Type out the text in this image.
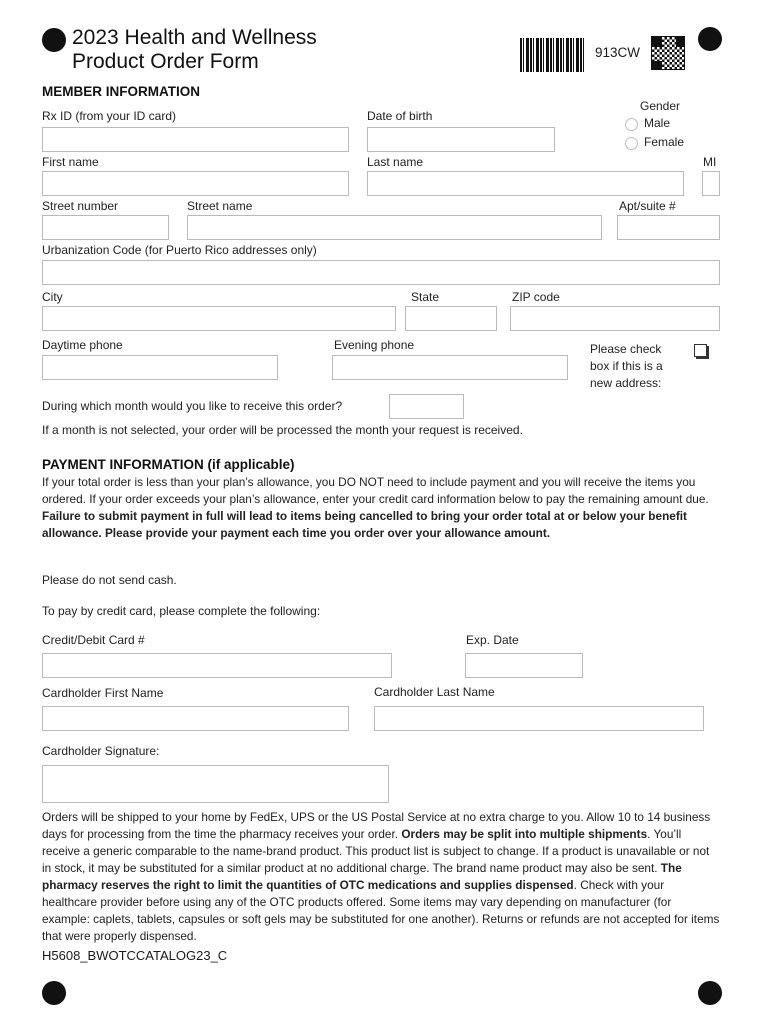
2023 Health and Wellness
Product Order Form	913CW
MEMBER INFORMATION
Rx ID (from your ID card)	Date of birth
Gender
Male
Female
First name	Last name	MI
Street number	Street name	Apt/suite #
Urbanization Code (for Puerto Rico addresses only)
City	State	ZIP code
Daytime phone	Evening phone	Please check
box if this is a
new address:
During which month would you like to receive this order?
If a month is not selected, your order will be processed the month your request is received.
PAYMENT INFORMATION (if applicable)
If your total order is less than your plan’s allowance, you DO NOT need to include payment and you will receive the items you ordered. If your order exceeds your plan’s allowance, enter your credit card information below to pay the remaining amount due. Failure to submit payment in full will lead to items being cancelled to bring your order total at or below your benefit allowance. Please provide your payment each time you order over your allowance amount.
Please do not send cash.
To pay by credit card, please complete the following:
Credit/Debit Card #	Exp. Date
Cardholder First Name	Cardholder Last Name
Cardholder Signature:
Orders will be shipped to your home by FedEx, UPS or the US Postal Service at no extra charge to you. Allow 10 to 14 business days for processing from the time the pharmacy receives your order. Orders may be split into multiple shipments. You’ll receive a generic comparable to the name-brand product. This product list is subject to change. If a product is unavailable or not in stock, it may be substituted for a similar product at no additional charge. The brand name product may also be sent. The pharmacy reserves the right to limit the quantities of OTC medications and supplies dispensed. Check with your healthcare provider before using any of the OTC products offered. Some items may vary depending on manufacturer (for example: caplets, tablets, capsules or soft gels may be substituted for one another). Returns or refunds are not accepted for items that were properly dispensed.
H5608_BWOTCCATALOG23_C
